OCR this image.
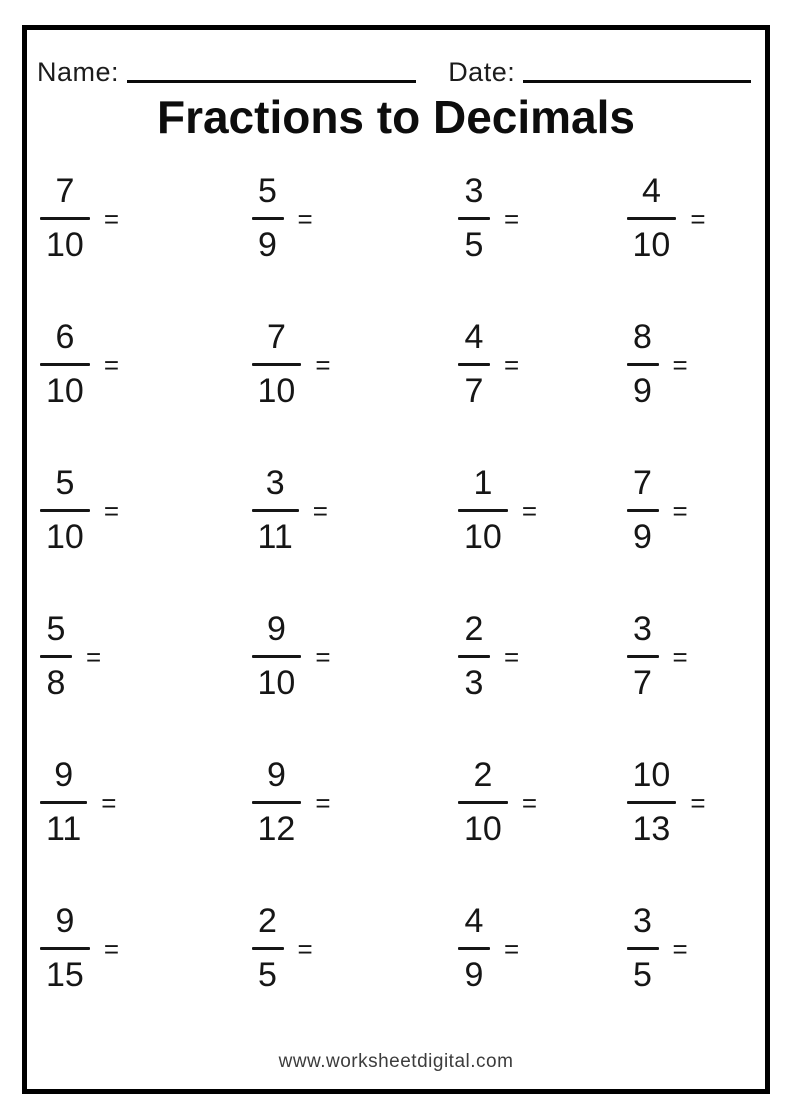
Name:	Date:
Fractions to Decimals
$\frac{7}{10}$ =	$\frac{5}{9}$ =	$\frac{3}{5}$ =	$\frac{4}{10}$ =
$\frac{6}{10}$ =	$\frac{7}{10}$ =	$\frac{4}{7}$ =	$\frac{8}{9}$ =
$\frac{5}{10}$ =	$\frac{3}{11}$ =	$\frac{1}{10}$ =	$\frac{7}{9}$ =
$\frac{5}{8}$ =	$\frac{9}{10}$ =	$\frac{2}{3}$ =	$\frac{3}{7}$ =
$\frac{9}{11}$ =	$\frac{9}{12}$ =	$\frac{2}{10}$ =	$\frac{10}{13}$ =
$\frac{9}{15}$ =	$\frac{2}{5}$ =	$\frac{4}{9}$ =	$\frac{3}{5}$ =
www.worksheetdigital.com
